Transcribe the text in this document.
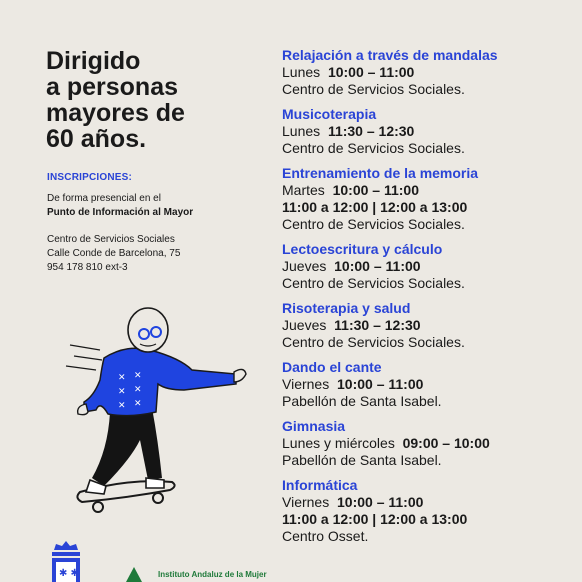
Dirigido
a personas
mayores de
60 años.
INSCRIPCIONES:
De forma presencial en el
Punto de Información al Mayor
Centro de Servicios Sociales
Calle Conde de Barcelona, 75
954 178 810 ext-3
Relajación a través de mandalas
Lunes 10:00 – 11:00
Centro de Servicios Sociales.
Musicoterapia
Lunes 11:30 – 12:30
Centro de Servicios Sociales.
Entrenamiento de la memoria
Martes 10:00 – 11:00
11:00 a 12:00 | 12:00 a 13:00
Centro de Servicios Sociales.
Lectoescritura y cálculo
Jueves 10:00 – 11:00
Centro de Servicios Sociales.
Risoterapia y salud
Jueves 11:30 – 12:30
Centro de Servicios Sociales.
Dando el cante
Viernes 10:00 – 11:00
Pabellón de Santa Isabel.
Gimnasia
Lunes y miércoles 09:00 – 10:00
Pabellón de Santa Isabel.
Informática
Viernes 10:00 – 11:00
11:00 a 12:00 | 12:00 a 13:00
Centro Osset.
✕ ✕
✕ ✕
✕ ✕
✱ ✱	Instituto Andaluz de la Mujer
